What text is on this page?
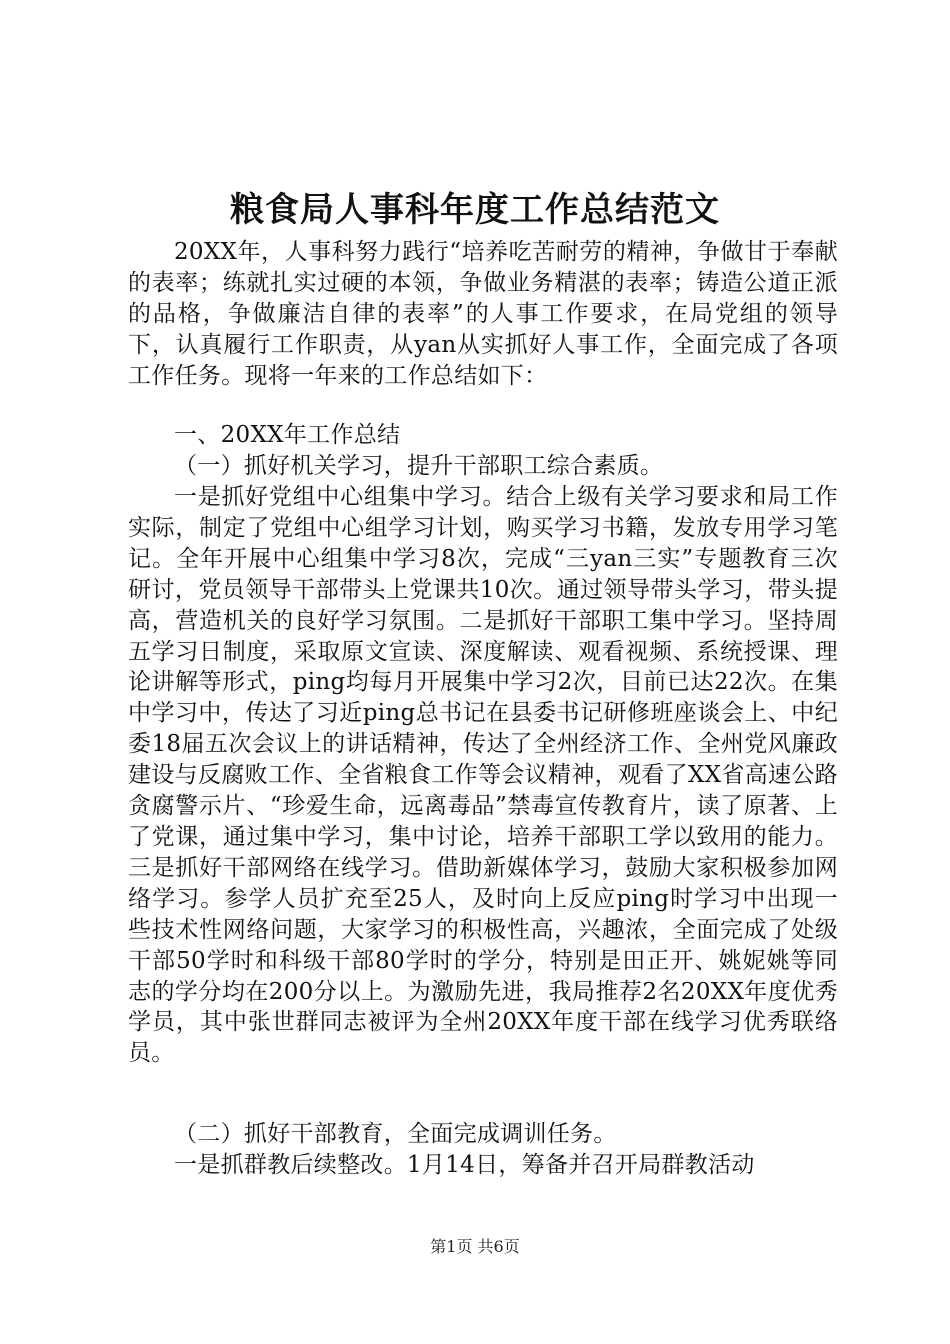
粮食局人事科年度工作总结范文

20XX年，人事科努力践行“培养吃苦耐劳的精神，争做甘于奉献的表率；练就扎实过硬的本领，争做业务精湛的表率；铸造公道正派的品格，争做廉洁自律的表率”的人事工作要求，在局党组的领导下，认真履行工作职责，从yan从实抓好人事工作，全面完成了各项工作任务。现将一年来的工作总结如下：

一、20XX年工作总结

（一）抓好机关学习，提升干部职工综合素质。

一是抓好党组中心组集中学习。结合上级有关学习要求和局工作实际，制定了党组中心组学习计划，购买学习书籍，发放专用学习笔记。全年开展中心组集中学习8次，完成“三yan三实”专题教育三次研讨，党员领导干部带头上党课共10次。通过领导带头学习，带头提高，营造机关的良好学习氛围。二是抓好干部职工集中学习。坚持周五学习日制度，采取原文宣读、深度解读、观看视频、系统授课、理论讲解等形式，ping均每月开展集中学习2次，目前已达22次。在集中学习中，传达了习近ping总书记在县委书记研修班座谈会上、中纪委18届五次会议上的讲话精神，传达了全州经济工作、全州党风廉政建设与反腐败工作、全省粮食工作等会议精神，观看了XX省高速公路贪腐警示片、“珍爱生命，远离毒品”禁毒宣传教育片，读了原著、上了党课，通过集中学习，集中讨论，培养干部职工学以致用的能力。三是抓好干部网络在线学习。借助新媒体学习，鼓励大家积极参加网络学习。参学人员扩充至25人，及时向上反应ping时学习中出现一些技术性网络问题，大家学习的积极性高，兴趣浓，全面完成了处级干部50学时和科级干部80学时的学分，特别是田正开、姚妮姚等同志的学分均在200分以上。为激励先进，我局推荐2名20XX年度优秀学员，其中张世群同志被评为全州20XX年度干部在线学习优秀联络员。

（二）抓好干部教育，全面完成调训任务。

一是抓群教后续整改。1月14日，筹备并召开局群教活动

第1页 共6页
